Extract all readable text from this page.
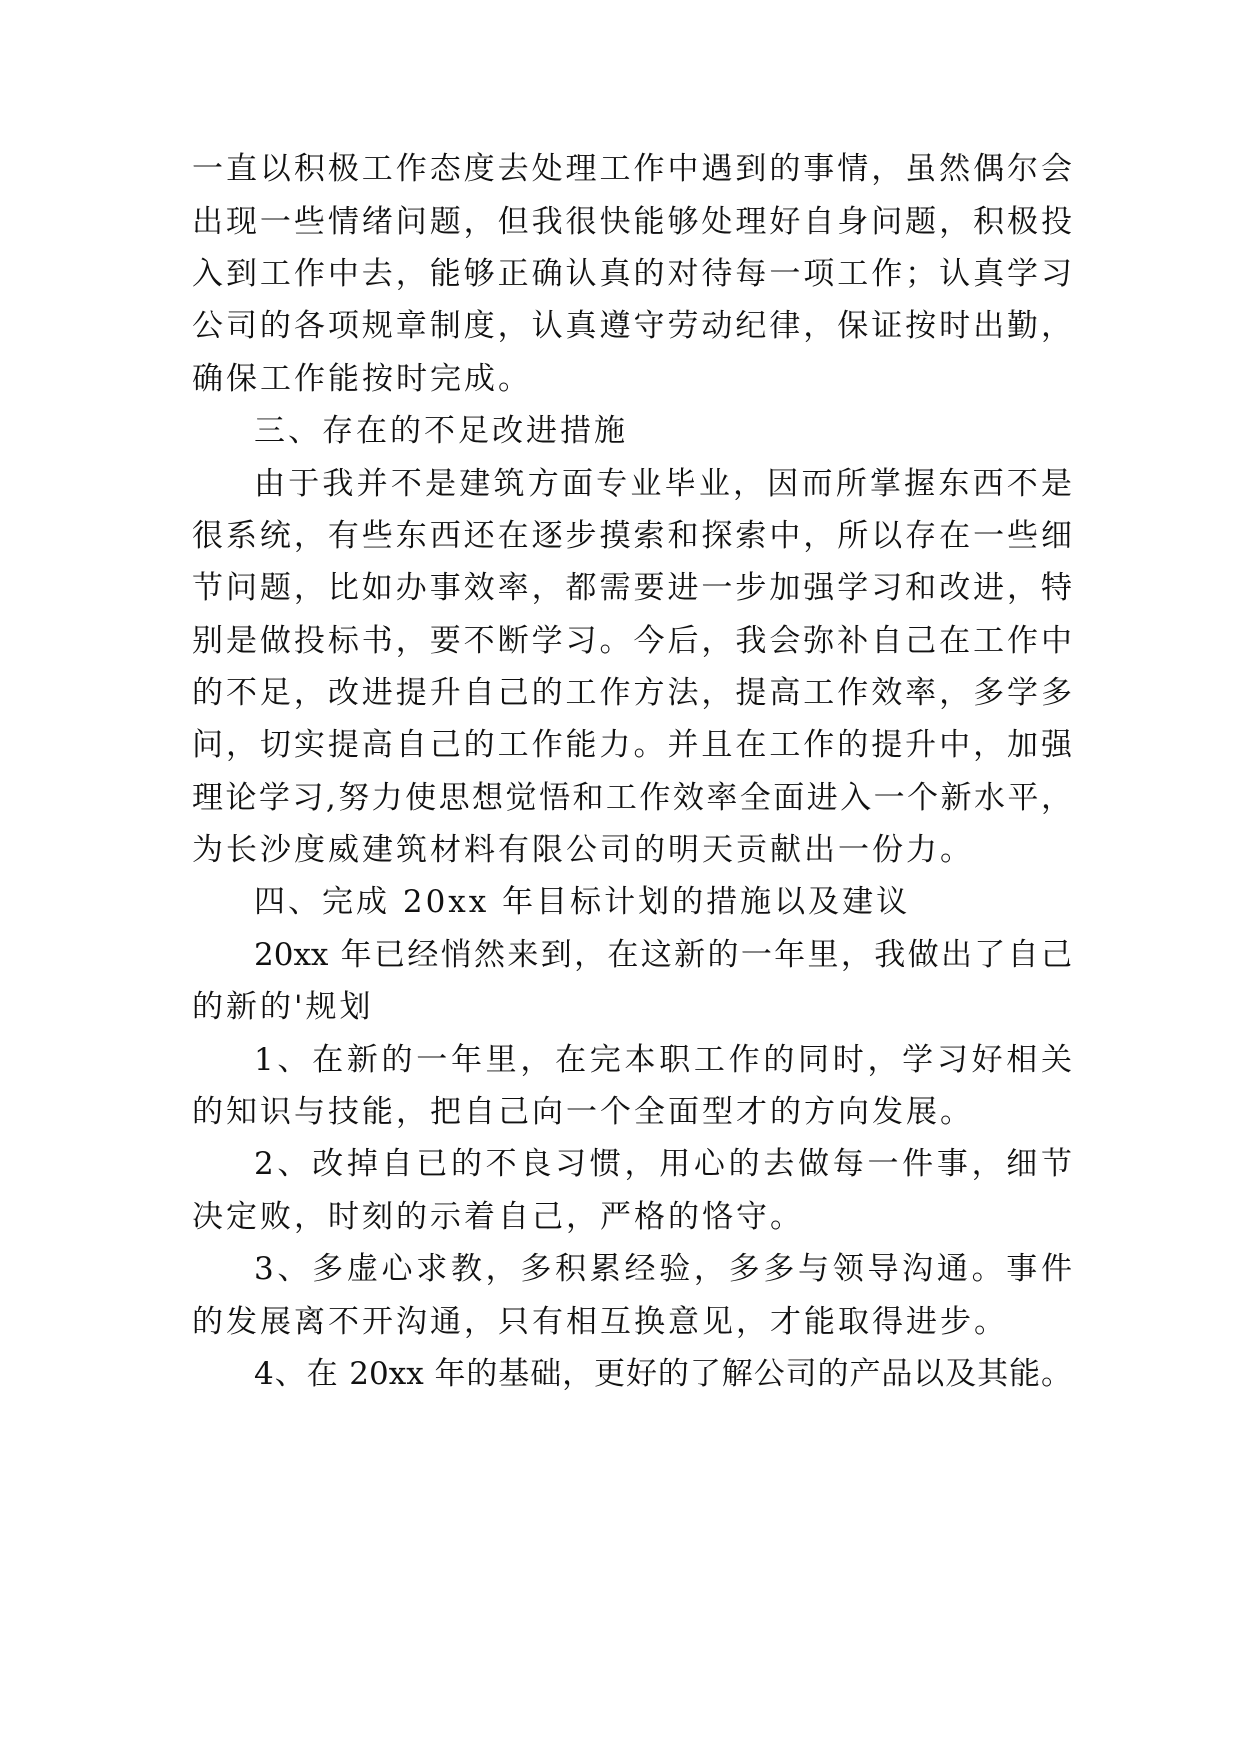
一直以积极工作态度去处理工作中遇到的事情，虽然偶尔会
出现一些情绪问题，但我很快能够处理好自身问题，积极投
入到工作中去，能够正确认真的对待每一项工作；认真学习
公司的各项规章制度，认真遵守劳动纪律，保证按时出勤，
确保工作能按时完成。
三、存在的不足改进措施
由于我并不是建筑方面专业毕业，因而所掌握东西不是
很系统，有些东西还在逐步摸索和探索中，所以存在一些细
节问题，比如办事效率，都需要进一步加强学习和改进，特
别是做投标书，要不断学习。今后，我会弥补自己在工作中
的不足，改进提升自己的工作方法，提高工作效率，多学多
问，切实提高自己的工作能力。并且在工作的提升中，加强
理论学习,努力使思想觉悟和工作效率全面进入一个新水平，
为长沙度威建筑材料有限公司的明天贡献出一份力。
四、完成 20xx 年目标计划的措施以及建议
20xx 年已经悄然来到，在这新的一年里，我做出了自己
的新的'规划
1、在新的一年里，在完本职工作的同时，学习好相关
的知识与技能，把自己向一个全面型才的方向发展。
2、改掉自已的不良习惯，用心的去做每一件事，细节
决定败，时刻的示着自己，严格的恪守。
3、多虚心求教，多积累经验，多多与领导沟通。事件
的发展离不开沟通，只有相互换意见，才能取得进步。
4、在 20xx 年的基础，更好的了解公司的产品以及其能。
